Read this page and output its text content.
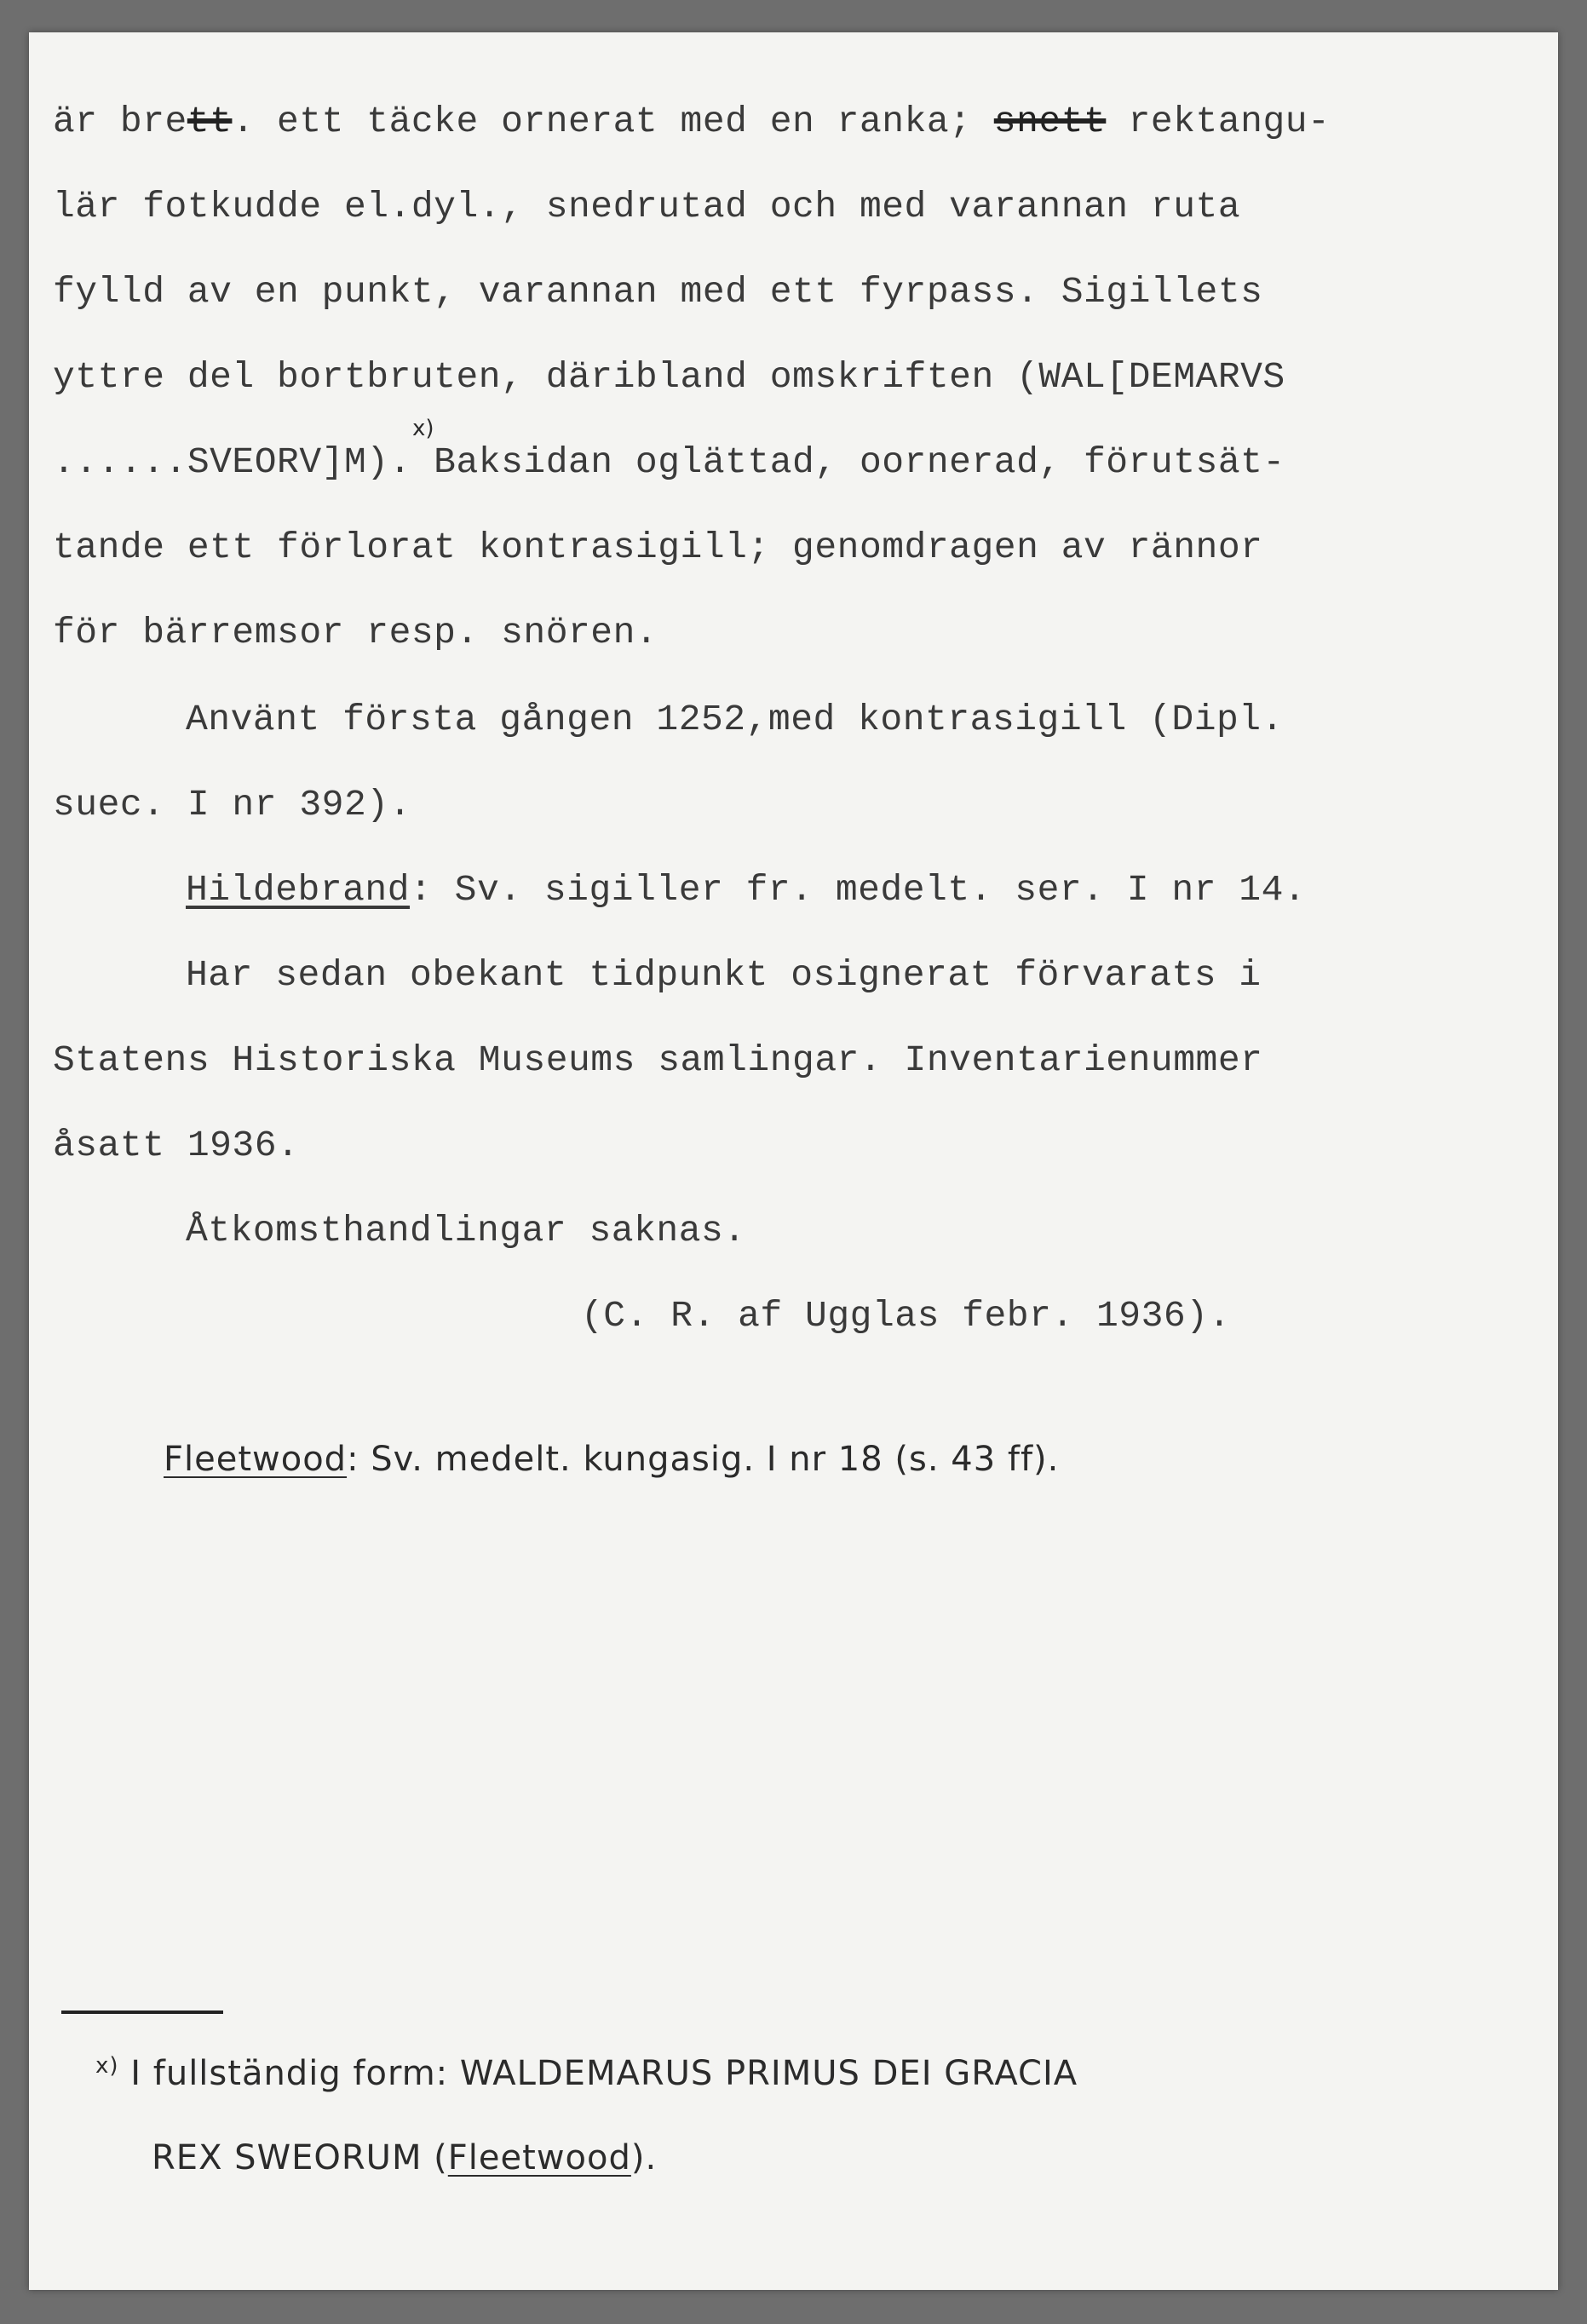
är brett. ett täcke ornerat med en ranka; snett rektangu-
lär fotkudde el.dyl., snedrutad och med varannan ruta
fylld av en punkt, varannan med ett fyrpass. Sigillets
yttre del bortbruten, däribland omskriften (WAL[DEMARVS
x)
......SVEORV]M). Baksidan oglättad, oornerad, förutsät-
tande ett förlorat kontrasigill; genomdragen av rännor
för bärremsor resp. snören.
Använt första gången 1252,med kontrasigill (Dipl.
suec. I nr 392).
Hildebrand: Sv. sigiller fr. medelt. ser. I nr 14.
Har sedan obekant tidpunkt osignerat förvarats i
Statens Historiska Museums samlingar. Inventarienummer
åsatt 1936.
Åtkomsthandlingar saknas.
(C. R. af Ugglas febr. 1936).
Fleetwood: Sv. medelt. kungasig. I nr 18 (s. 43 ff).
$^{x)}$ I fullständig form: WALDEMARUS PRIMUS DEI GRACIA
REX SWEORUM (Fleetwood).
